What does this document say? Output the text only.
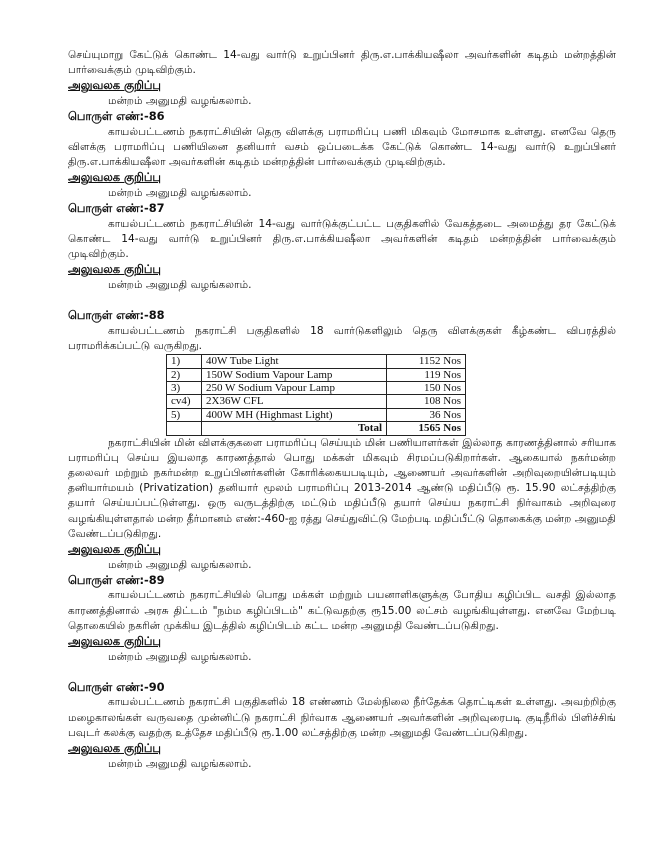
செய்யுமாறு கேட்டுக் கொண்ட 14-வது வார்டு உறுப்பினர் திரு.எ.பாக்கியஷீலா அவர்களின் கடிதம் மன்றத்தின் பார்வைக்கும் முடிவிற்கும்.

அலுவலக குறிப்பு

மன்றம் அனுமதி வழங்கலாம்.

பொருள் எண்:-86

காயல்பட்டணம் நகராட்சியின் தெரு விளக்கு பராமரிப்பு பணி மிகவும் மோசமாக உள்ளது. எனவே தெரு விளக்கு பராமரிப்பு பணியினை தனியார் வசம் ஒப்படைக்க கேட்டுக் கொண்ட 14-வது வார்டு உறுப்பினர் திரு.எ.பாக்கியஷீலா அவர்களின் கடிதம் மன்றத்தின் பார்வைக்கும் முடிவிற்கும்.

அலுவலக குறிப்பு

மன்றம் அனுமதி வழங்கலாம்.

பொருள் எண்:-87

காயல்பட்டணம் நகராட்சியின் 14-வது வார்டுக்குட்பட்ட பகுதிகளில் வேகத்தடை அமைத்து தர கேட்டுக் கொண்ட 14-வது வார்டு உறுப்பினர் திரு.எ.பாக்கியஷீலா அவர்களின் கடிதம் மன்றத்தின் பார்வைக்கும் முடிவிற்கும்.

அலுவலக குறிப்பு

மன்றம் அனுமதி வழங்கலாம்.

பொருள் எண்:-88

காயல்பட்டணம் நகராட்சி பகுதிகளில் 18 வார்டுகளிலும் தெரு விளக்குகள் கீழ்கண்ட விபரத்தில் பராமரிக்கப்பட்டு வருகிறது.

1)	40W Tube Light	1152 Nos
2)	150W Sodium Vapour Lamp	119 Nos
3)	250 W Sodium Vapour Lamp	150 Nos
cv4)	2X36W CFL	108 Nos
5)	400W MH (Highmast Light)	36 Nos
	Total	1565 Nos

நகராட்சியின் மின் விளக்குகளை பராமரிப்பு செய்யும் மின் பணியாளர்கள் இல்லாத காரணத்தினால் சரியாக பராமரிப்பு செய்ய இயலாத காரணத்தால் பொது மக்கள் மிகவும் சிரமப்படுகிறார்கள். ஆகையால் நகர்மன்ற தலைவர் மற்றும் நகர்மன்ற உறுப்பினர்களின் கோரிக்கையபடியும், ஆணையர் அவர்களின் அறிவுறையின்படியும் தனியார்மயம் (Privatization) தனியார் மூலம் பராமரிப்பு 2013-2014 ஆண்டு மதிப்பீடு ரூ. 15.90 லட்சத்திற்கு தயார் செய்யப்பட்டுள்ளது. ஒரு வருடத்திற்கு மட்டும் மதிப்பீடு தயார் செய்ய நகராட்சி நிர்வாகம் அறிவுரை வழங்கியுள்ளதால் மன்ற தீர்மானம் எண்:-460-ஐ ரத்து செய்துவிட்டு மேற்படி மதிப்பீட்டு தொகைக்கு மன்ற அனுமதி வேண்டப்படுகிறது.

அலுவலக குறிப்பு

மன்றம் அனுமதி வழங்கலாம்.

பொருள் எண்:-89

காயல்பட்டணம் நகராட்சியில் பொது மக்கள் மற்றும் பயனாளிகளுக்கு போதிய கழிப்பிட வசதி இல்லாத காரணத்தினால் அரசு திட்டம் "நம்ம கழிப்பிடம்" கட்டுவதற்கு ரூ15.00 லட்சம் வழங்கியுள்ளது. எனவே மேற்படி தொகையில் நகரின் முக்கிய இடத்தில் கழிப்பிடம் கட்ட மன்ற அனுமதி வேண்டப்படுகிறது.

அலுவலக குறிப்பு

மன்றம் அனுமதி வழங்கலாம்.

பொருள் எண்:-90

காயல்பட்டணம் நகராட்சி பகுதிகளில் 18 எண்ணம் மேல்நிலை நீர்தேக்க தொட்டிகள் உள்ளது. அவற்றிற்கு மழைகாலங்கள் வருவதை முன்னிட்டு நகராட்சி நிர்வாக ஆணையர் அவர்களின் அறிவுரைபடி குடிநீரில் பிளிச்சிங் பவுடர் கலக்கு வதற்கு உத்தேச மதிப்பீடு ரூ.1.00 லட்சத்திற்கு மன்ற அனுமதி வேண்டப்படுகிறது.

அலுவலக குறிப்பு

மன்றம் அனுமதி வழங்கலாம்.
